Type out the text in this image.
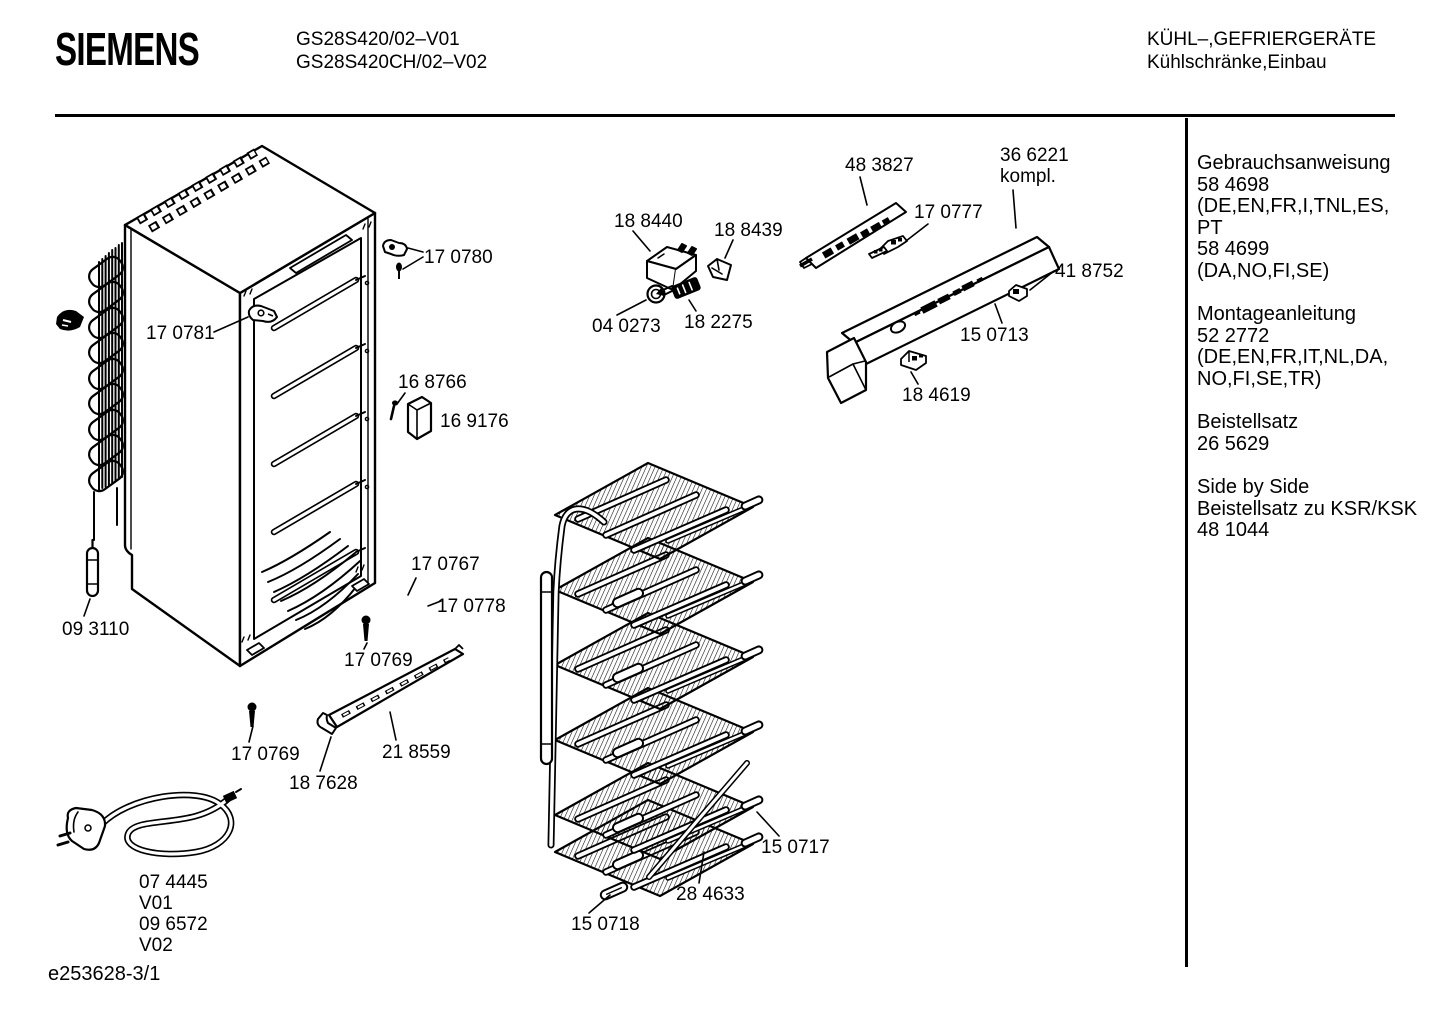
SIEMENS	GS28S420/02–V01
GS28S420CH/02–V02
KÜHL–,GEFRIERGERÄTE
Kühlschränke,Einbau
Gebrauchsanweisung
58 4698
(DE,EN,FR,I,TNL,ES,
PT
58 4699
(DA,NO,FI,SE)
Montageanleitung
52 2772
(DE,EN,FR,IT,NL,DA,
NO,FI,SE,TR)
Beistellsatz
26 5629
Side by Side
Beistellsatz zu KSR/KSK
48 1044
17 0780
17 0781
16 8766
16 9176
09 3110
17 0767
17 0778
17 0769
17 0769	21 8559
18 7628
07 4445
V01
09 6572
V02
18 8440 18 8439
04 0273 18 2275
48 3827	36 6221
kompl.
17 0777
41 8752
15 0713
18 4619
15 0717
28 4633
15 0718
e253628-3/1
